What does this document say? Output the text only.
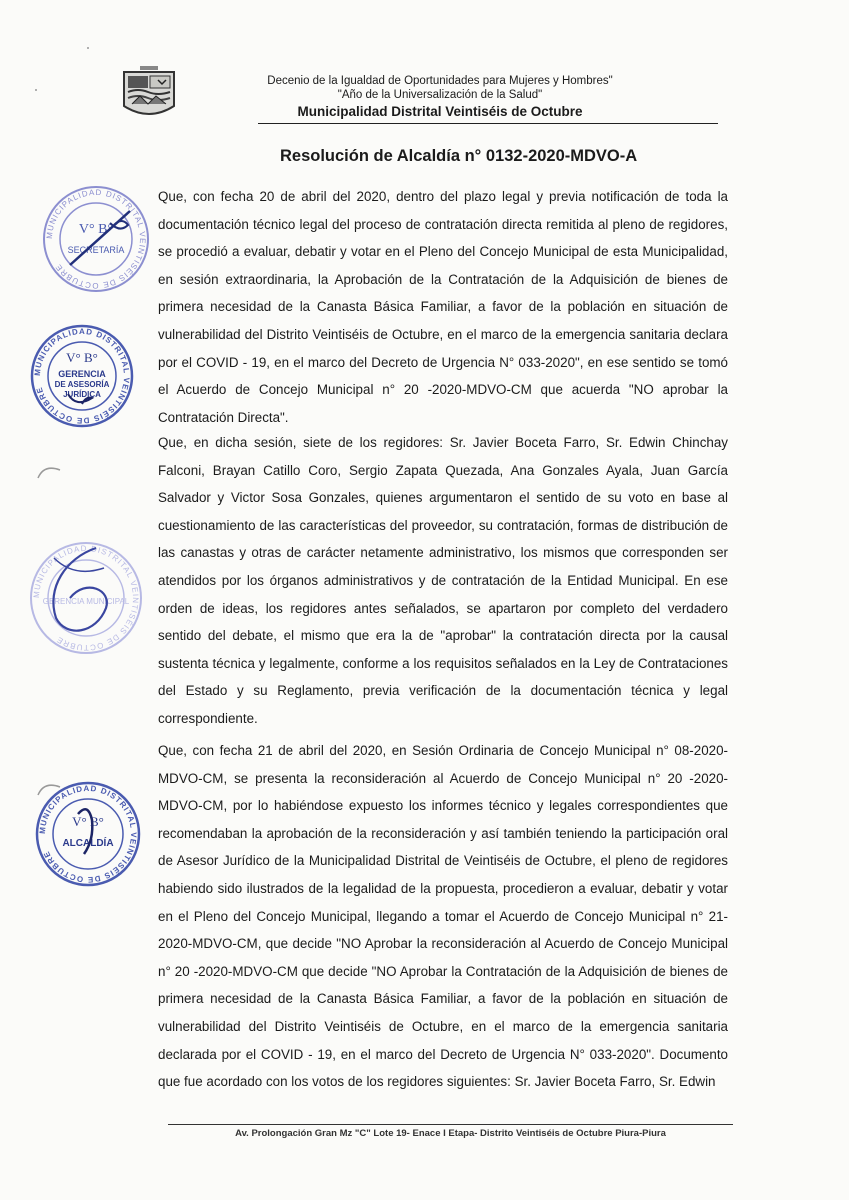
Decenio de la Igualdad de Oportunidades para Mujeres y Hombres"
"Año de la Universalización de la Salud"
Municipalidad Distrital Veintiséis de Octubre
Resolución de Alcaldía n° 0132-2020-MDVO-A
Que, con fecha 20 de abril del 2020, dentro del plazo legal y previa notificación de toda la documentación técnico legal del proceso de contratación directa remitida al pleno de regidores, se procedió a evaluar, debatir y votar en el Pleno del Concejo Municipal de esta Municipalidad, en sesión extraordinaria, la Aprobación de la Contratación de la Adquisición de bienes de primera necesidad de la Canasta Básica Familiar, a favor de la población en situación de vulnerabilidad del Distrito Veintiséis de Octubre, en el marco de la emergencia sanitaria declara por el COVID - 19, en el marco del Decreto de Urgencia N° 033-2020", en ese sentido se tomó el Acuerdo de Concejo Municipal n° 20 -2020-MDVO-CM que acuerda "NO aprobar la Contratación Directa".
Que, en dicha sesión, siete de los regidores: Sr. Javier Boceta Farro, Sr. Edwin Chinchay Falconi, Brayan Catillo Coro, Sergio Zapata Quezada, Ana Gonzales Ayala, Juan García Salvador y Victor Sosa Gonzales, quienes argumentaron el sentido de su voto en base al cuestionamiento de las características del proveedor, su contratación, formas de distribución de las canastas y otras de carácter netamente administrativo, los mismos que corresponden ser atendidos por los órganos administrativos y de contratación de la Entidad Municipal. En ese orden de ideas, los regidores antes señalados, se apartaron por completo del verdadero sentido del debate, el mismo que era la de "aprobar" la contratación directa por la causal sustenta técnica y legalmente, conforme a los requisitos señalados en la Ley de Contrataciones del Estado y su Reglamento, previa verificación de la documentación técnica y legal correspondiente.
Que, con fecha 21 de abril del 2020, en Sesión Ordinaria de Concejo Municipal n° 08-2020-MDVO-CM, se presenta la reconsideración al Acuerdo de Concejo Municipal n° 20 -2020-MDVO-CM, por lo habiéndose expuesto los informes técnico y legales correspondientes que recomendaban la aprobación de la reconsideración y así también teniendo la participación oral de Asesor Jurídico de la Municipalidad Distrital de Veintiséis de Octubre, el pleno de regidores habiendo sido ilustrados de la legalidad de la propuesta, procedieron a evaluar, debatir y votar en el Pleno del Concejo Municipal, llegando a tomar el Acuerdo de Concejo Municipal n° 21-2020-MDVO-CM, que decide "NO Aprobar la reconsideración al Acuerdo de Concejo Municipal n° 20 -2020-MDVO-CM que decide "NO Aprobar la Contratación de la Adquisición de bienes de primera necesidad de la Canasta Básica Familiar, a favor de la población en situación de vulnerabilidad del Distrito Veintiséis de Octubre, en el marco de la emergencia sanitaria declarada por el COVID - 19, en el marco del Decreto de Urgencia N° 033-2020". Documento que fue acordado con los votos de los regidores siguientes: Sr. Javier Boceta Farro, Sr. Edwin
MUNICIPALIDAD DISTRITAL VEINTISÉIS DE OCTUBRE
V° B°
SECRETARÍA
MUNICIPALIDAD DISTRITAL VEINTISÉIS DE OCTUBRE
V° B°
GERENCIA
DE ASESORÍA
JURÍDICA
MUNICIPALIDAD DISTRITAL VEINTISÉIS DE OCTUBRE
GERENCIA MUNICIPAL
MUNICIPALIDAD DISTRITAL VEINTISÉIS DE OCTUBRE
V° B°
ALCALDÍA
Av. Prolongación Gran Mz "C" Lote 19- Enace I Etapa- Distrito Veintiséis de Octubre Piura-Piura
